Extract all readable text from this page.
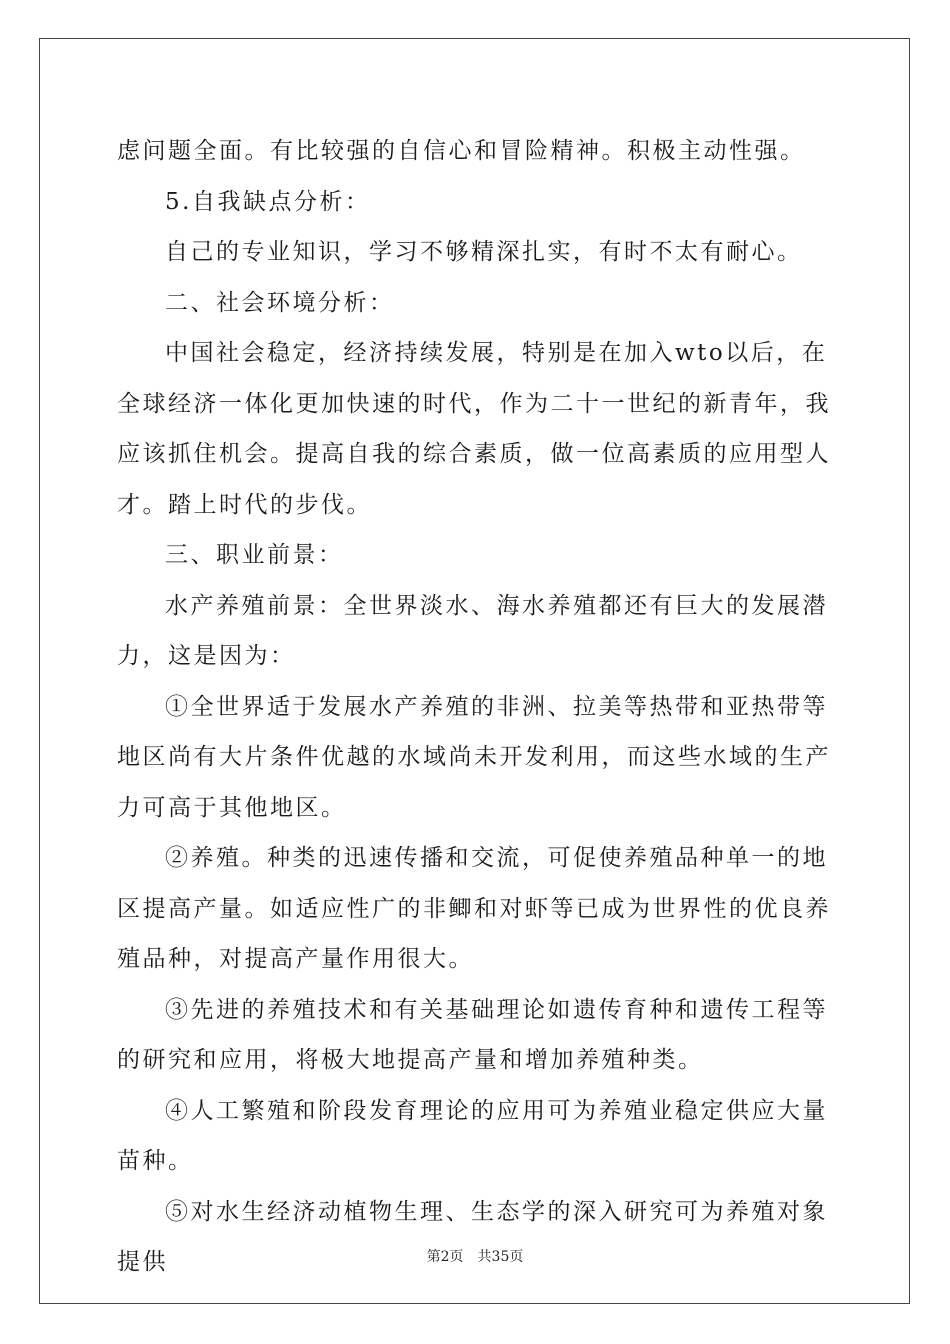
虑问题全面。有比较强的自信心和冒险精神。积极主动性强。

5.自我缺点分析：

自己的专业知识，学习不够精深扎实，有时不太有耐心。

二、社会环境分析：

中国社会稳定，经济持续发展，特别是在加入wto以后，在全球经济一体化更加快速的时代，作为二十一世纪的新青年，我应该抓住机会。提高自我的综合素质，做一位高素质的应用型人才。踏上时代的步伐。

三、职业前景：

水产养殖前景：全世界淡水、海水养殖都还有巨大的发展潜力，这是因为：

①全世界适于发展水产养殖的非洲、拉美等热带和亚热带等地区尚有大片条件优越的水域尚未开发利用，而这些水域的生产力可高于其他地区。

②养殖。种类的迅速传播和交流，可促使养殖品种单一的地区提高产量。如适应性广的非鲫和对虾等已成为世界性的优良养殖品种，对提高产量作用很大。

③先进的养殖技术和有关基础理论如遗传育种和遗传工程等的研究和应用，将极大地提高产量和增加养殖种类。

④人工繁殖和阶段发育理论的应用可为养殖业稳定供应大量苗种。

⑤对水生经济动植物生理、生态学的深入研究可为养殖对象提供	第2页 共35页
